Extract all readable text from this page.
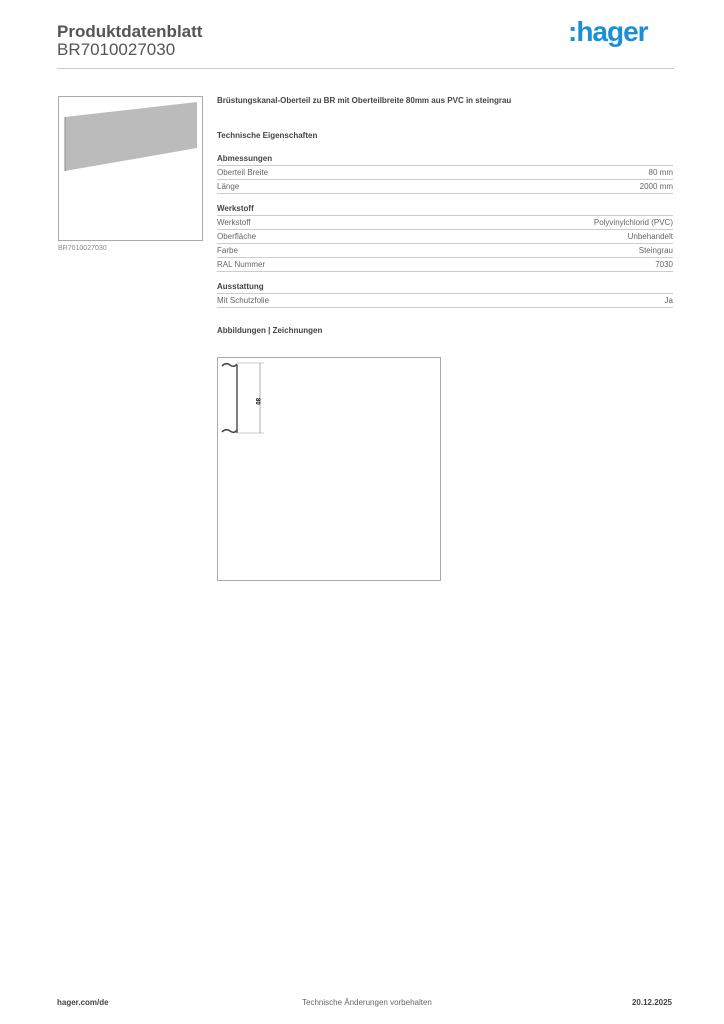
Produktdatenblatt
BR7010027030
:hager
BR7010027030
Brüstungskanal-Oberteil zu BR mit Oberteilbreite 80mm aus PVC in steingrau
Technische Eigenschaften
Abmessungen
Oberteil Breite	80 mm
Länge	2000 mm
Werkstoff
Werkstoff	Polyvinylchlorid (PVC)
Oberfläche	Unbehandelt
Farbe	Steingrau
RAL Nummer	7030
Ausstattung
Mit Schutzfolie	Ja
Abbildungen | Zeichnungen
80
hager.com/de	Technische Änderungen vorbehalten	20.12.2025
